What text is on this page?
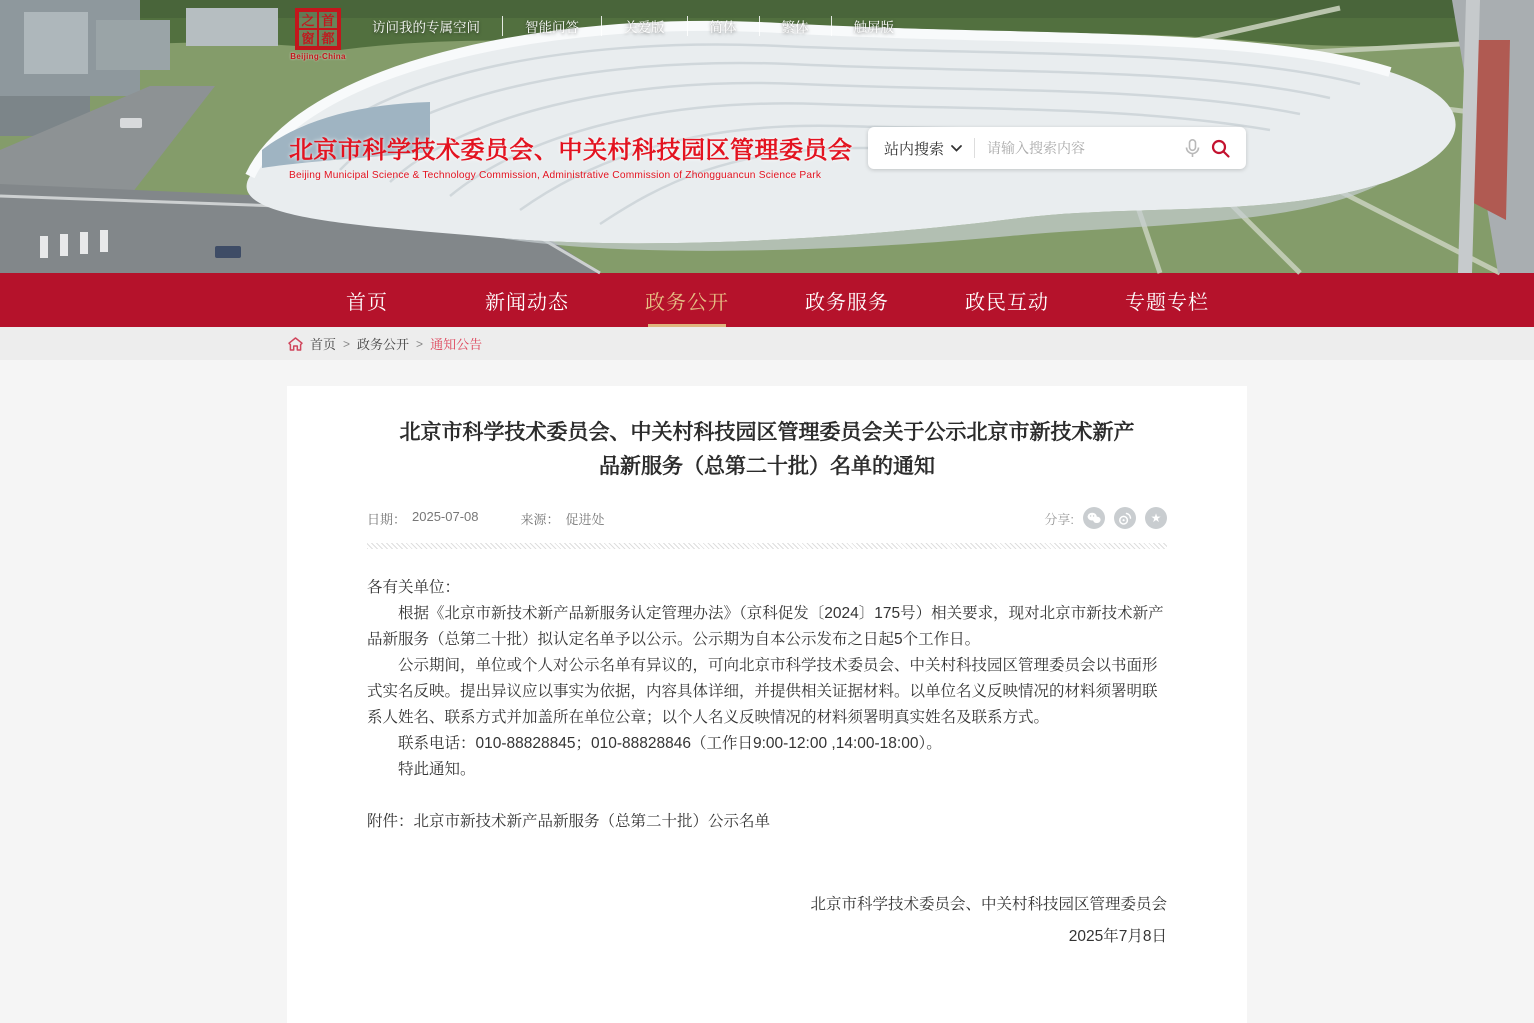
之 首
窗 都
Beijing-China
访问我的专属空间	智能问答	关爱版	简体	繁体	触屏版
北京市科学技术委员会、中关村科技园区管理委员会
Beijing Municipal Science & Technology Commission, Administrative Commission of Zhongguancun Science Park
站内搜索
请输入搜索内容
首页	新闻动态	政务公开	政务服务	政民互动	专题专栏
首页 > 政务公开 > 通知公告
北京市科学技术委员会、中关村科技园区管理委员会关于公示北京市新技术新产品新服务（总第二十批）名单的通知
日期： 2025-07-08	来源： 促进处	分享:	★

各有关单位：

根据《北京市新技术新产品新服务认定管理办法》（京科促发〔2024〕175号）相关要求，现对北京市新技术新产品新服务（总第二十批）拟认定名单予以公示。公示期为自本公示发布之日起5个工作日。

公示期间，单位或个人对公示名单有异议的，可向北京市科学技术委员会、中关村科技园区管理委员会以书面形式实名反映。提出异议应以事实为依据，内容具体详细，并提供相关证据材料。以单位名义反映情况的材料须署明联系人姓名、联系方式并加盖所在单位公章；以个人名义反映情况的材料须署明真实姓名及联系方式。

联系电话：010-88828845；010-88828846（工作日9:00-12:00 ,14:00-18:00）。

特此通知。

附件：北京市新技术新产品新服务（总第二十批）公示名单
北京市科学技术委员会、中关村科技园区管理委员会
2025年7月8日
